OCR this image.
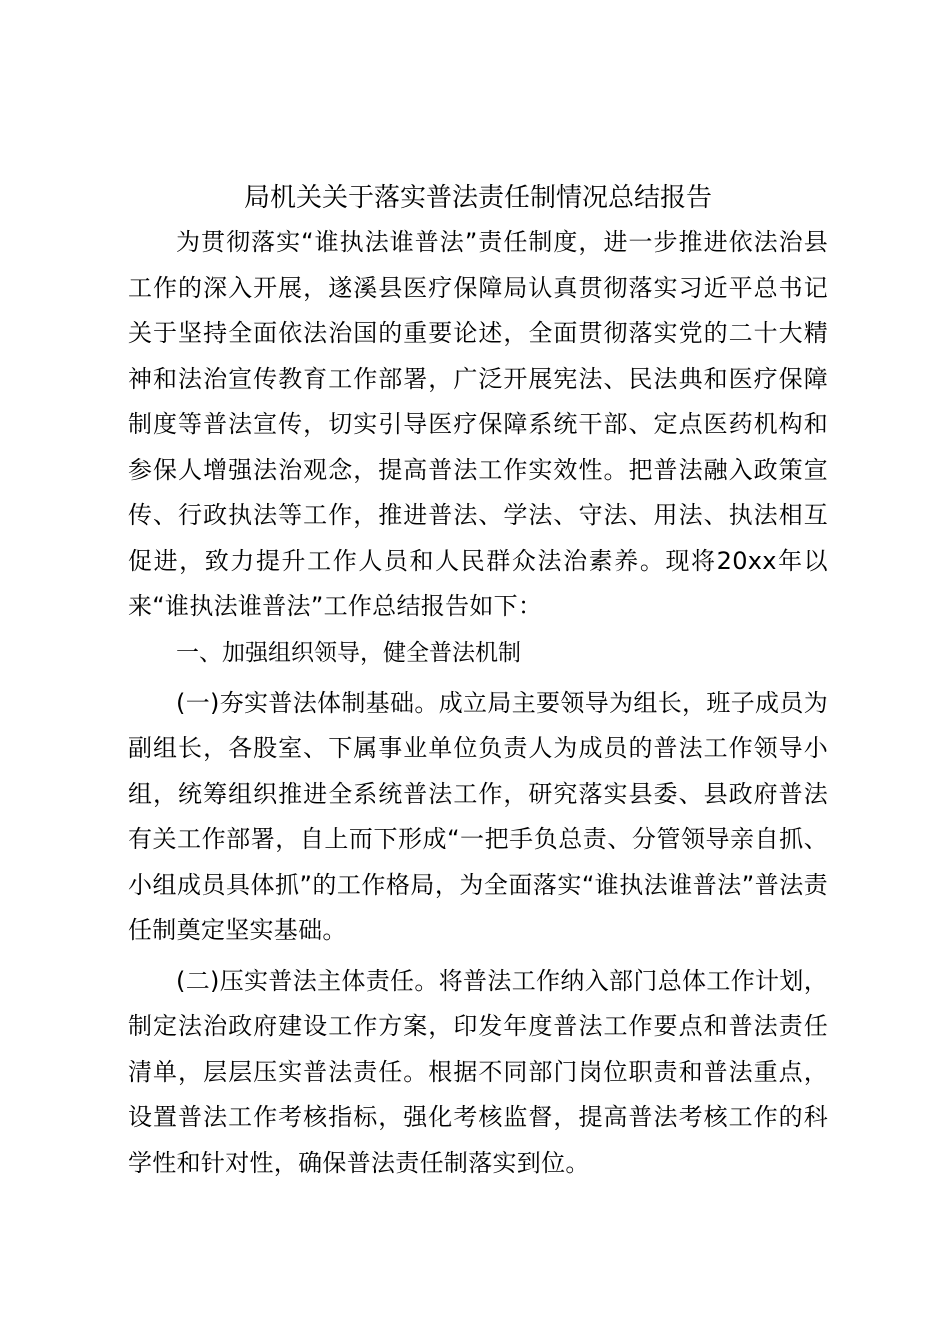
局机关关于落实普法责任制情况总结报告

为贯彻落实“谁执法谁普法”责任制度，进一步推进依法治县工作的深入开展，遂溪县医疗保障局认真贯彻落实习近平总书记关于坚持全面依法治国的重要论述，全面贯彻落实党的二十大精神和法治宣传教育工作部署，广泛开展宪法、民法典和医疗保障制度等普法宣传，切实引导医疗保障系统干部、定点医药机构和参保人增强法治观念，提高普法工作实效性。把普法融入政策宣传、行政执法等工作，推进普法、学法、守法、用法、执法相互促进，致力提升工作人员和人民群众法治素养。现将20xx年以来“谁执法谁普法”工作总结报告如下：

一、加强组织领导，健全普法机制

(一)夯实普法体制基础。成立局主要领导为组长，班子成员为副组长，各股室、下属事业单位负责人为成员的普法工作领导小组，统筹组织推进全系统普法工作，研究落实县委、县政府普法有关工作部署，自上而下形成“一把手负总责、分管领导亲自抓、小组成员具体抓”的工作格局，为全面落实“谁执法谁普法”普法责任制奠定坚实基础。

(二)压实普法主体责任。将普法工作纳入部门总体工作计划，制定法治政府建设工作方案，印发年度普法工作要点和普法责任清单，层层压实普法责任。根据不同部门岗位职责和普法重点，设置普法工作考核指标，强化考核监督，提高普法考核工作的科学性和针对性，确保普法责任制落实到位。
